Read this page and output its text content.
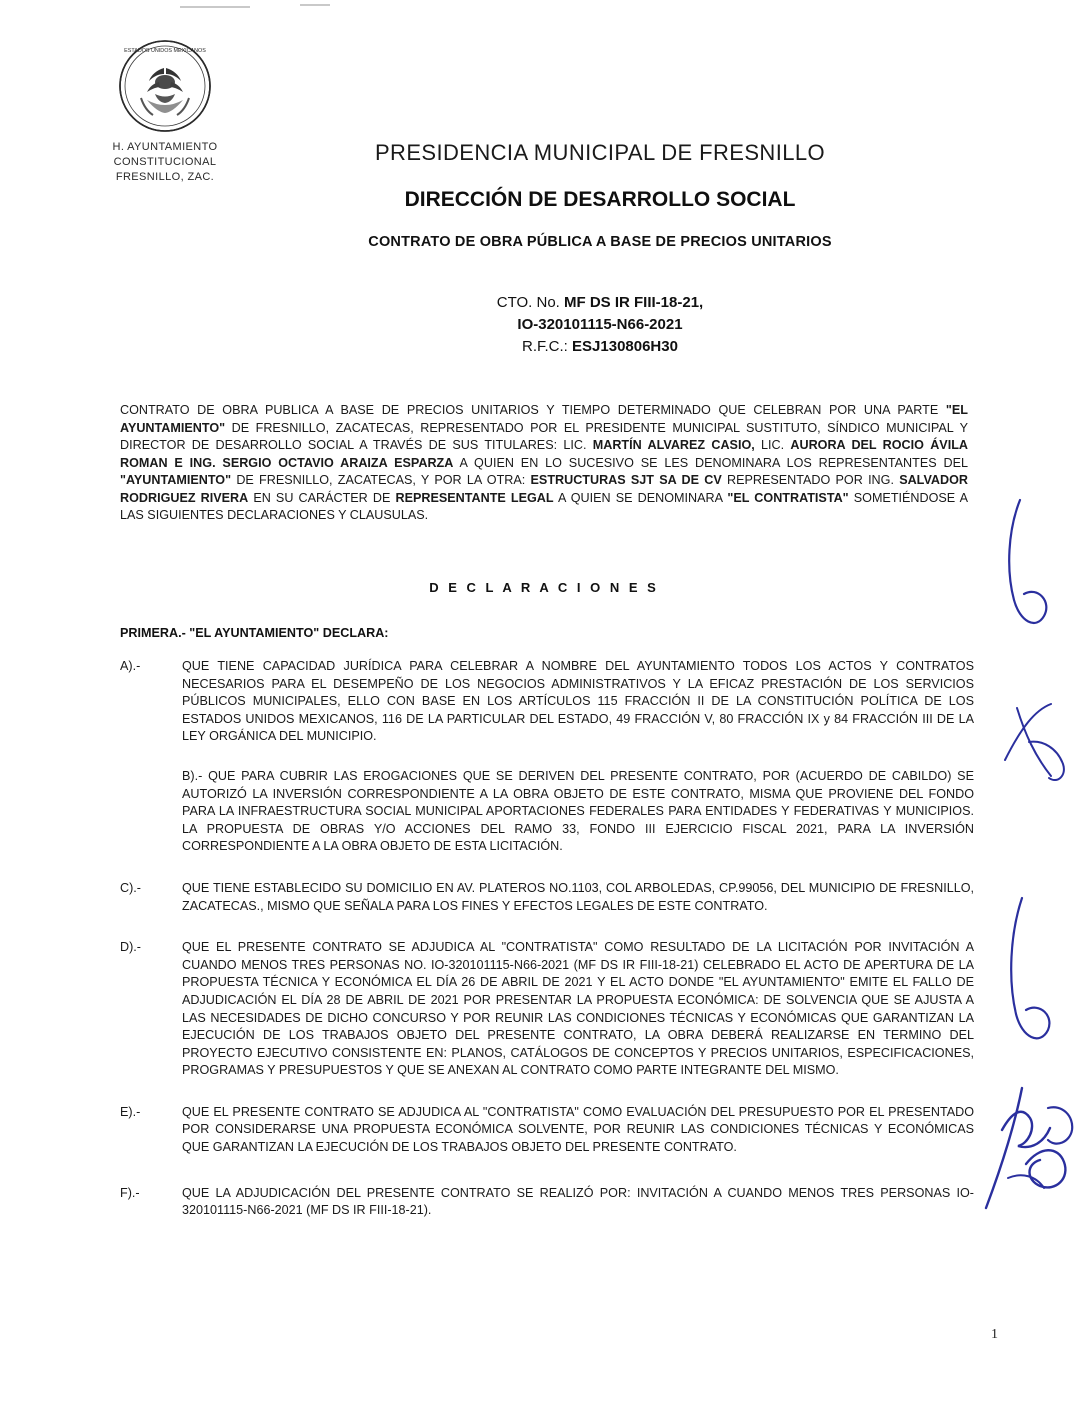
ESTADOS UNIDOS MEXICANOS
H. AYUNTAMIENTO
CONSTITUCIONAL
FRESNILLO, ZAC.
PRESIDENCIA MUNICIPAL DE FRESNILLO
DIRECCIÓN DE DESARROLLO SOCIAL
CONTRATO DE OBRA PÚBLICA A BASE DE PRECIOS UNITARIOS
CTO. No. MF DS IR FIII-18-21,
IO-320101115-N66-2021
R.F.C.: ESJ130806H30
CONTRATO DE OBRA PUBLICA A BASE DE PRECIOS UNITARIOS Y TIEMPO DETERMINADO QUE CELEBRAN POR UNA PARTE "EL AYUNTAMIENTO" DE FRESNILLO, ZACATECAS, REPRESENTADO POR EL PRESIDENTE MUNICIPAL SUSTITUTO, SÍNDICO MUNICIPAL Y DIRECTOR DE DESARROLLO SOCIAL A TRAVÉS DE SUS TITULARES: LIC. MARTÍN ALVAREZ CASIO, LIC. AURORA DEL ROCIO ÁVILA ROMAN E ING. SERGIO OCTAVIO ARAIZA ESPARZA A QUIEN EN LO SUCESIVO SE LES DENOMINARA LOS REPRESENTANTES DEL "AYUNTAMIENTO" DE FRESNILLO, ZACATECAS, Y POR LA OTRA: ESTRUCTURAS SJT SA DE CV REPRESENTADO POR ING. SALVADOR RODRIGUEZ RIVERA EN SU CARÁCTER DE REPRESENTANTE LEGAL A QUIEN SE DENOMINARA "EL CONTRATISTA" SOMETIÉNDOSE A LAS SIGUIENTES DECLARACIONES Y CLAUSULAS.
D E C L A R A C I O N E S
PRIMERA.- "EL AYUNTAMIENTO" DECLARA:
A).-	QUE TIENE CAPACIDAD JURÍDICA PARA CELEBRAR A NOMBRE DEL AYUNTAMIENTO TODOS LOS ACTOS Y CONTRATOS NECESARIOS PARA EL DESEMPEÑO DE LOS NEGOCIOS ADMINISTRATIVOS Y LA EFICAZ PRESTACIÓN DE LOS SERVICIOS PÚBLICOS MUNICIPALES, ELLO CON BASE EN LOS ARTÍCULOS 115 FRACCIÓN II DE LA CONSTITUCIÓN POLÍTICA DE LOS ESTADOS UNIDOS MEXICANOS, 116 DE LA PARTICULAR DEL ESTADO, 49 FRACCIÓN V, 80 FRACCIÓN IX y 84 FRACCIÓN III DE LA LEY ORGÁNICA DEL MUNICIPIO.
B).- QUE PARA CUBRIR LAS EROGACIONES QUE SE DERIVEN DEL PRESENTE CONTRATO, POR (ACUERDO DE CABILDO) SE AUTORIZÓ LA INVERSIÓN CORRESPONDIENTE A LA OBRA OBJETO DE ESTE CONTRATO, MISMA QUE PROVIENE DEL FONDO PARA LA INFRAESTRUCTURA SOCIAL MUNICIPAL APORTACIONES FEDERALES PARA ENTIDADES Y FEDERATIVAS Y MUNICIPIOS. LA PROPUESTA DE OBRAS Y/O ACCIONES DEL RAMO 33, FONDO III EJERCICIO FISCAL 2021, PARA LA INVERSIÓN CORRESPONDIENTE A LA OBRA OBJETO DE ESTA LICITACIÓN.
C).-	QUE TIENE ESTABLECIDO SU DOMICILIO EN AV. PLATEROS NO.1103, COL ARBOLEDAS, CP.99056, DEL MUNICIPIO DE FRESNILLO, ZACATECAS., MISMO QUE SEÑALA PARA LOS FINES Y EFECTOS LEGALES DE ESTE CONTRATO.
D).-	QUE EL PRESENTE CONTRATO SE ADJUDICA AL "CONTRATISTA" COMO RESULTADO DE LA LICITACIÓN POR INVITACIÓN A CUANDO MENOS TRES PERSONAS NO. IO-320101115-N66-2021 (MF DS IR FIII-18-21) CELEBRADO EL ACTO DE APERTURA DE LA PROPUESTA TÉCNICA Y ECONÓMICA EL DÍA 26 DE ABRIL DE 2021 Y EL ACTO DONDE "EL AYUNTAMIENTO" EMITE EL FALLO DE ADJUDICACIÓN EL DÍA 28 DE ABRIL DE 2021 POR PRESENTAR LA PROPUESTA ECONÓMICA: DE SOLVENCIA QUE SE AJUSTA A LAS NECESIDADES DE DICHO CONCURSO Y POR REUNIR LAS CONDICIONES TÉCNICAS Y ECONÓMICAS QUE GARANTIZAN LA EJECUCIÓN DE LOS TRABAJOS OBJETO DEL PRESENTE CONTRATO, LA OBRA DEBERÁ REALIZARSE EN TERMINO DEL PROYECTO EJECUTIVO CONSISTENTE EN: PLANOS, CATÁLOGOS DE CONCEPTOS Y PRECIOS UNITARIOS, ESPECIFICACIONES, PROGRAMAS Y PRESUPUESTOS Y QUE SE ANEXAN AL CONTRATO COMO PARTE INTEGRANTE DEL MISMO.
E).-	QUE EL PRESENTE CONTRATO SE ADJUDICA AL "CONTRATISTA" COMO EVALUACIÓN DEL PRESUPUESTO POR EL PRESENTADO POR CONSIDERARSE UNA PROPUESTA ECONÓMICA SOLVENTE, POR REUNIR LAS CONDICIONES TÉCNICAS Y ECONÓMICAS QUE GARANTIZAN LA EJECUCIÓN DE LOS TRABAJOS OBJETO DEL PRESENTE CONTRATO.
F).-	QUE LA ADJUDICACIÓN DEL PRESENTE CONTRATO SE REALIZÓ POR: INVITACIÓN A CUANDO MENOS TRES PERSONAS IO-320101115-N66-2021 (MF DS IR FIII-18-21).
1
